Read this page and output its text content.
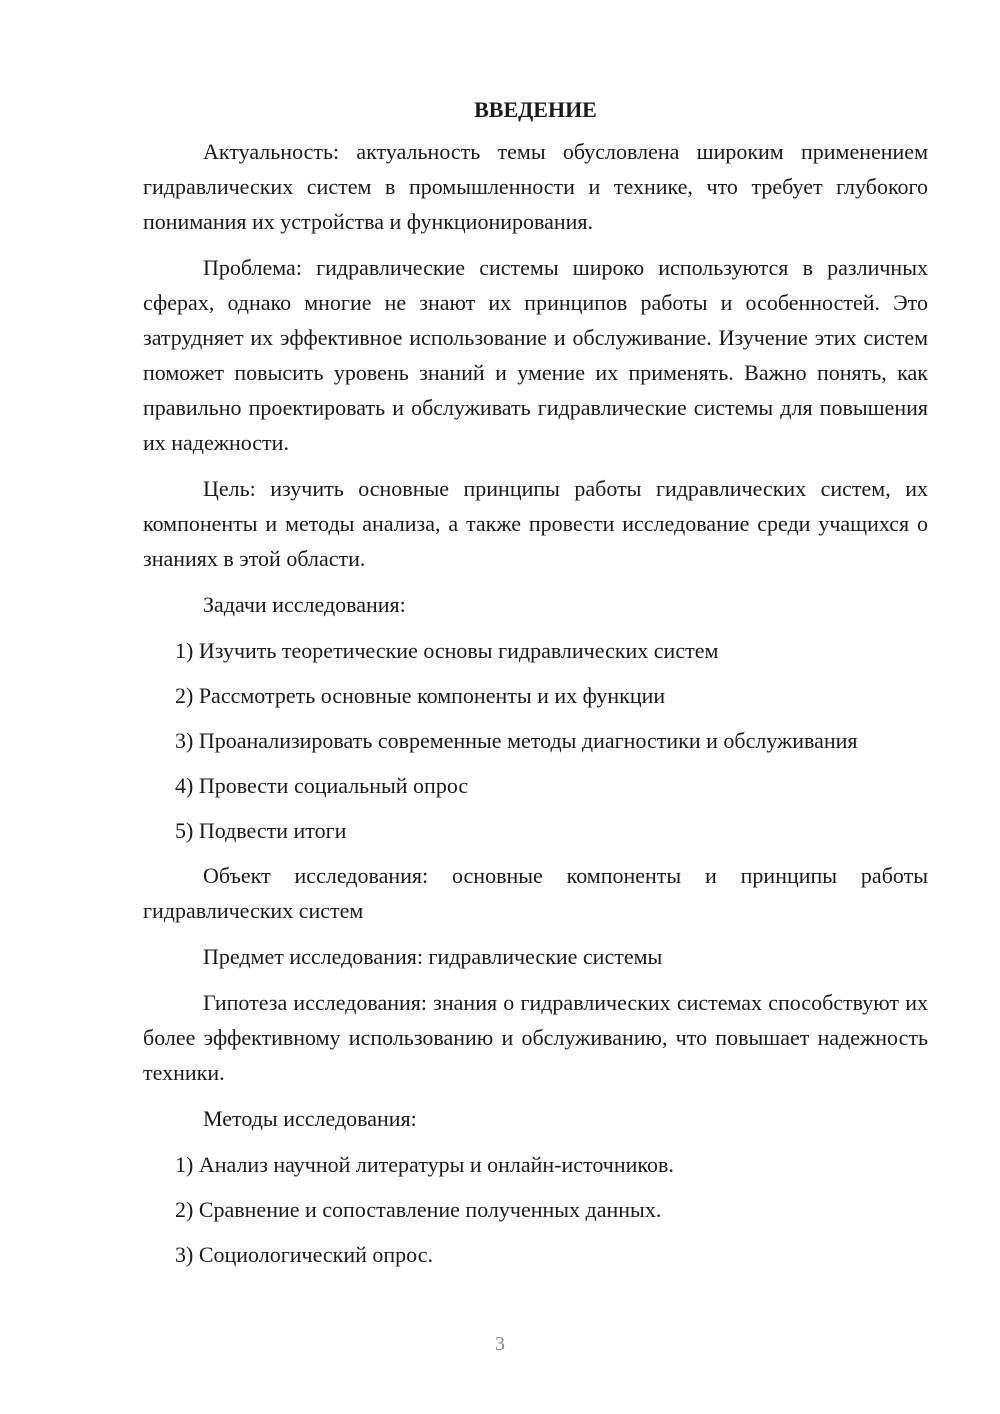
ВВЕДЕНИЕ

Актуальность: актуальность темы обусловлена широким применением гидравлических систем в промышленности и технике, что требует глубокого понимания их устройства и функционирования.

Проблема: гидравлические системы широко используются в различных сферах, однако многие не знают их принципов работы и особенностей. Это затрудняет их эффективное использование и обслуживание. Изучение этих систем поможет повысить уровень знаний и умение их применять. Важно понять, как правильно проектировать и обслуживать гидравлические системы для повышения их надежности.

Цель: изучить основные принципы работы гидравлических систем, их компоненты и методы анализа, а также провести исследование среди учащихся о знаниях в этой области.

Задачи исследования:

1) Изучить теоретические основы гидравлических систем
2) Рассмотреть основные компоненты и их функции
3) Проанализировать современные методы диагностики и обслуживания
4) Провести социальный опрос
5) Подвести итоги

Объект исследования: основные компоненты и принципы работы гидравлических систем

Предмет исследования: гидравлические системы

Гипотеза исследования: знания о гидравлических системах способствуют их более эффективному использованию и обслуживанию, что повышает надежность техники.

Методы исследования:

1) Анализ научной литературы и онлайн-источников.
2) Сравнение и сопоставление полученных данных.
3) Социологический опрос.
3
